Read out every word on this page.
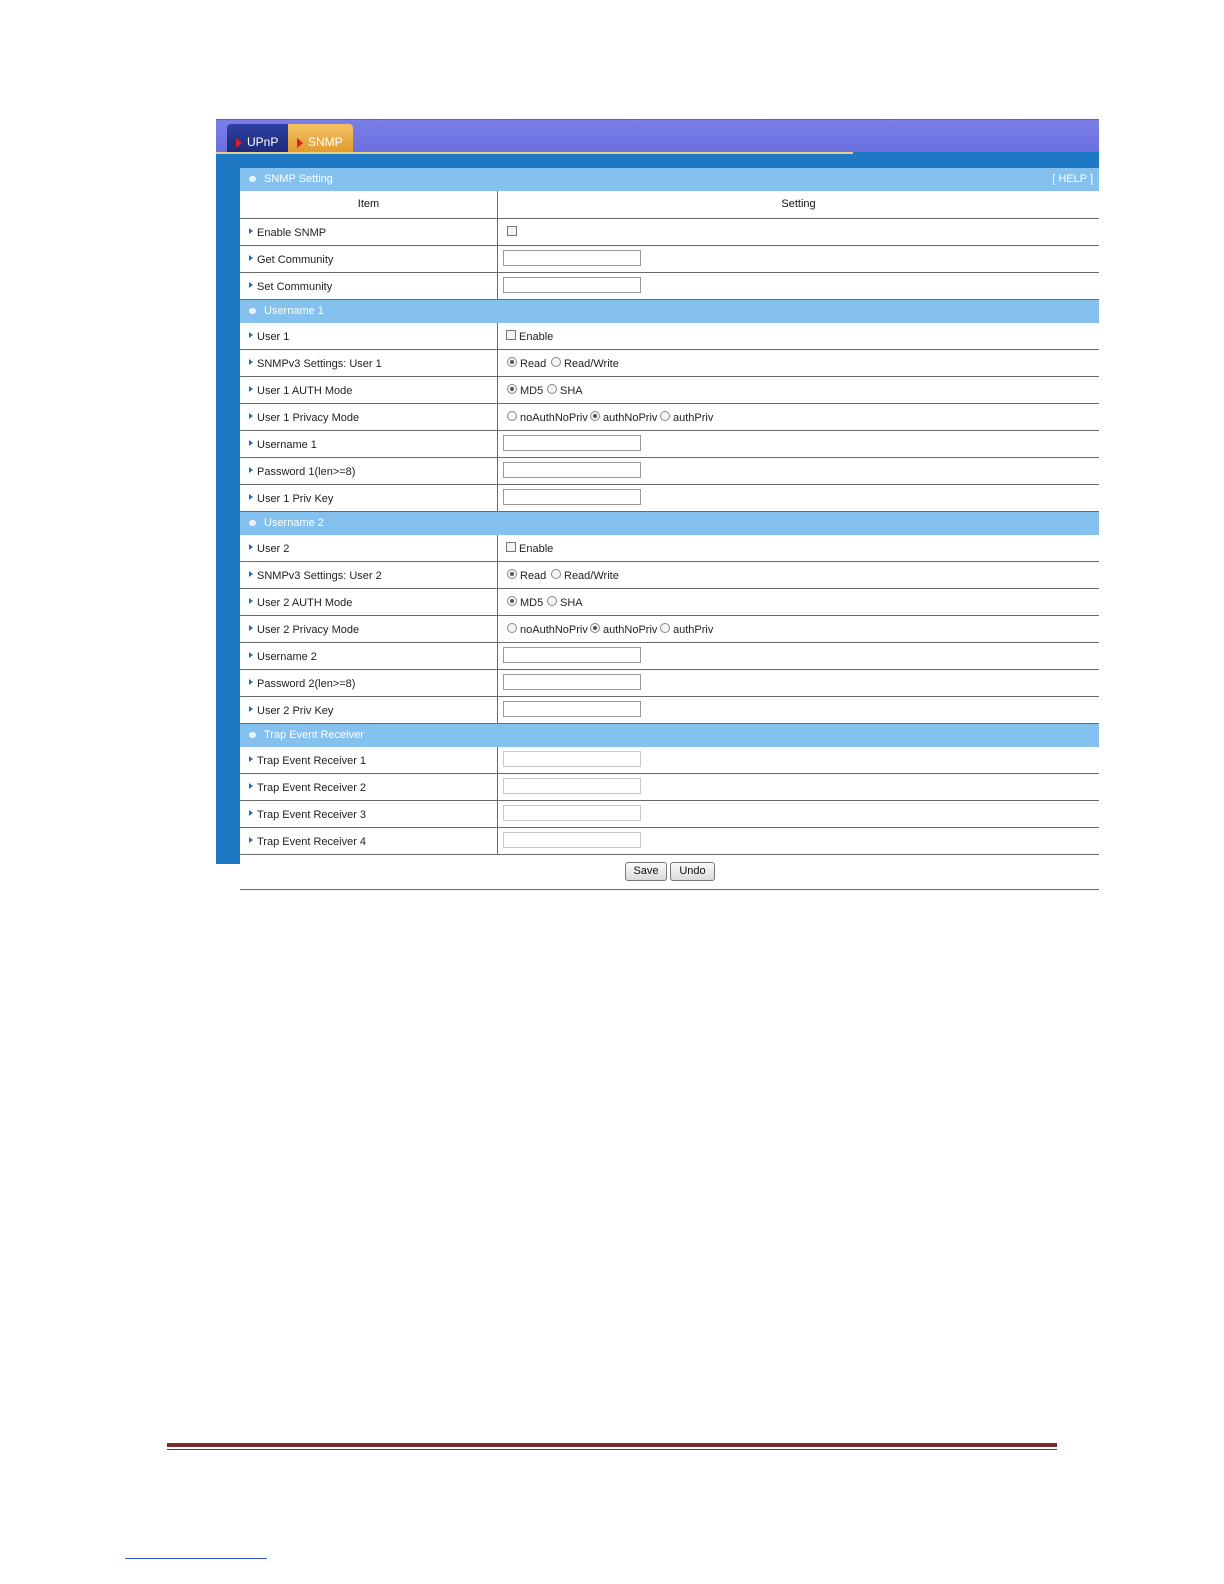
UPnP	SNMP
SNMP Setting	[ HELP ]
Item	Setting
Enable SNMP
Get Community
Set Community
Username 1
User 1	Enable
SNMPv3 Settings: User 1	Read Read/Write
User 1 AUTH Mode	MD5 SHA
User 1 Privacy Mode	noAuthNoPriv authNoPriv authPriv
Username 1
Password 1(len>=8)
User 1 Priv Key
Username 2
User 2	Enable
SNMPv3 Settings: User 2	Read Read/Write
User 2 AUTH Mode	MD5 SHA
User 2 Privacy Mode	noAuthNoPriv authNoPriv authPriv
Username 2
Password 2(len>=8)
User 2 Priv Key
Trap Event Receiver
Trap Event Receiver 1
Trap Event Receiver 2
Trap Event Receiver 3
Trap Event Receiver 4
Save	Undo
